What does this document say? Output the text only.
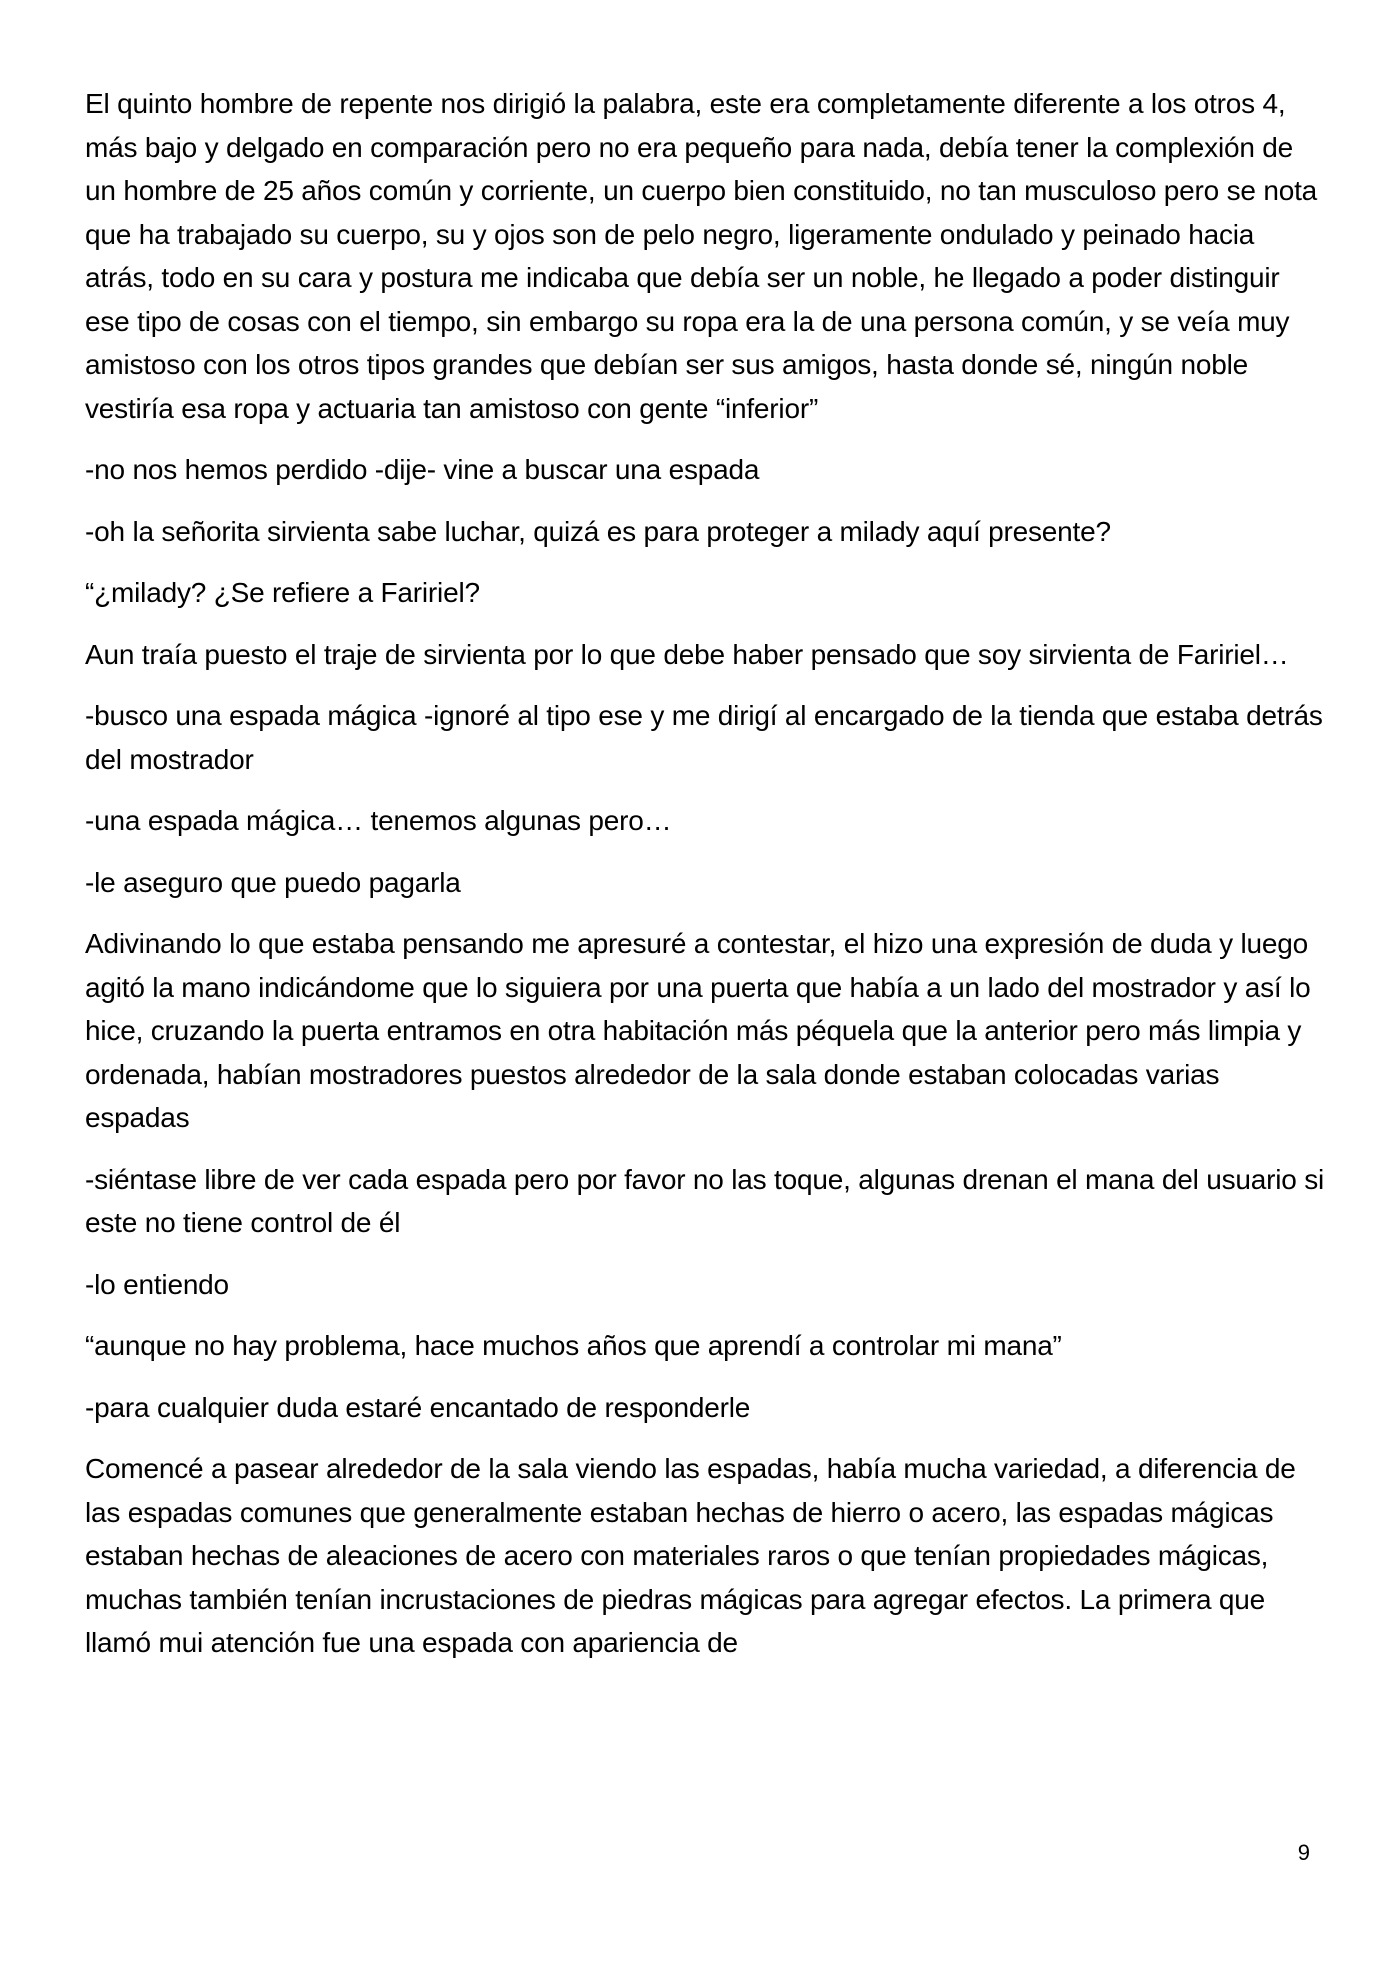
El quinto hombre de repente nos dirigió la palabra, este era completamente diferente a los otros 4, más bajo y delgado en comparación pero no era pequeño para nada, debía tener la complexión de un hombre de 25 años común y corriente, un cuerpo bien constituido, no tan musculoso pero se nota que ha trabajado su cuerpo, su y ojos son de pelo negro, ligeramente ondulado y peinado hacia atrás, todo en su cara y postura me indicaba que debía ser un noble, he llegado a poder distinguir ese tipo de cosas con el tiempo, sin embargo su ropa era la de una persona común, y se veía muy amistoso con los otros tipos grandes que debían ser sus amigos, hasta donde sé, ningún noble vestiría esa ropa y actuaria tan amistoso con gente “inferior”

-no nos hemos perdido -dije- vine a buscar una espada

-oh la señorita sirvienta sabe luchar, quizá es para proteger a milady aquí presente?

“¿milady? ¿Se refiere a Faririel?

Aun traía puesto el traje de sirvienta por lo que debe haber pensado que soy sirvienta de Faririel…

-busco una espada mágica -ignoré al tipo ese y me dirigí al encargado de la tienda que estaba detrás del mostrador

-una espada mágica… tenemos algunas pero…

-le aseguro que puedo pagarla

Adivinando lo que estaba pensando me apresuré a contestar, el hizo una expresión de duda y luego agitó la mano indicándome que lo siguiera por una puerta que había a un lado del mostrador y así lo hice, cruzando la puerta entramos en otra habitación más péquela que la anterior pero más limpia y ordenada, habían mostradores puestos alrededor de la sala donde estaban colocadas varias espadas

-siéntase libre de ver cada espada pero por favor no las toque, algunas drenan el mana del usuario si este no tiene control de él

-lo entiendo

“aunque no hay problema, hace muchos años que aprendí a controlar mi mana”

-para cualquier duda estaré encantado de responderle

Comencé a pasear alrededor de la sala viendo las espadas, había mucha variedad, a diferencia de las espadas comunes que generalmente estaban hechas de hierro o acero, las espadas mágicas estaban hechas de aleaciones de acero con materiales raros o que tenían propiedades mágicas, muchas también tenían incrustaciones de piedras mágicas para agregar efectos. La primera que llamó mui atención fue una espada con apariencia de

9
